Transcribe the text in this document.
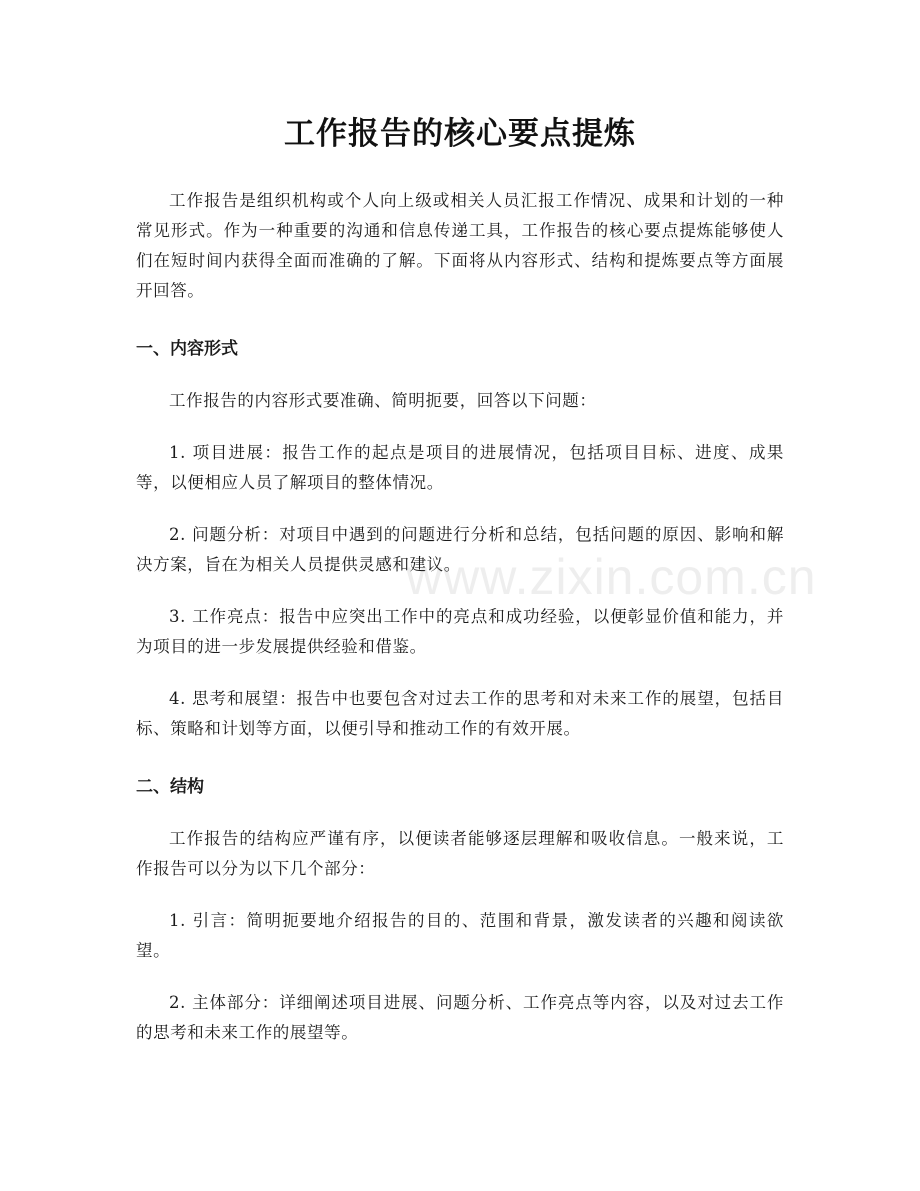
工作报告的核心要点提炼

工作报告是组织机构或个人向上级或相关人员汇报工作情况、成果和计划的一种常见形式。作为一种重要的沟通和信息传递工具，工作报告的核心要点提炼能够使人们在短时间内获得全面而准确的了解。下面将从内容形式、结构和提炼要点等方面展开回答。

一、内容形式

工作报告的内容形式要准确、简明扼要，回答以下问题：

1. 项目进展：报告工作的起点是项目的进展情况，包括项目目标、进度、成果等，以便相应人员了解项目的整体情况。

2. 问题分析：对项目中遇到的问题进行分析和总结，包括问题的原因、影响和解决方案，旨在为相关人员提供灵感和建议。

3. 工作亮点：报告中应突出工作中的亮点和成功经验，以便彰显价值和能力，并为项目的进一步发展提供经验和借鉴。

4. 思考和展望：报告中也要包含对过去工作的思考和对未来工作的展望，包括目标、策略和计划等方面，以便引导和推动工作的有效开展。

二、结构

工作报告的结构应严谨有序，以便读者能够逐层理解和吸收信息。一般来说，工作报告可以分为以下几个部分：

1. 引言：简明扼要地介绍报告的目的、范围和背景，激发读者的兴趣和阅读欲望。

2. 主体部分：详细阐述项目进展、问题分析、工作亮点等内容，以及对过去工作的思考和未来工作的展望等。

www.zixin.com.cn
